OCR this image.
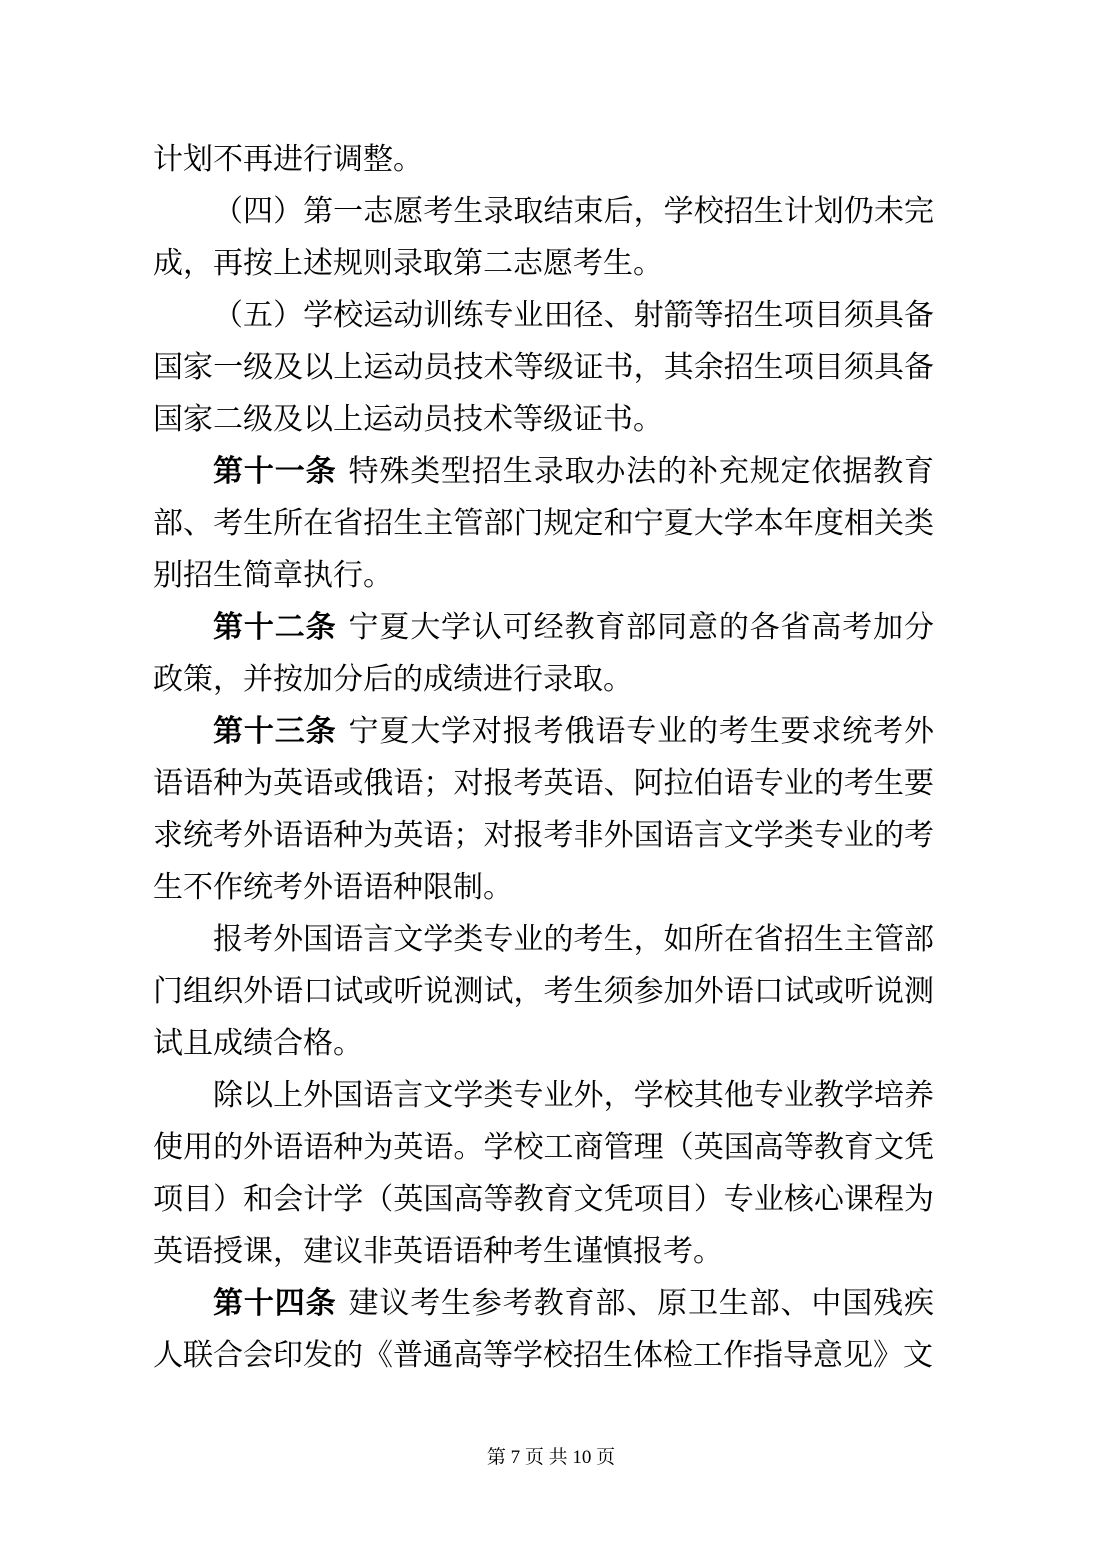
计划不再进行调整。

（四）第一志愿考生录取结束后，学校招生计划仍未完成，再按上述规则录取第二志愿考生。

（五）学校运动训练专业田径、射箭等招生项目须具备国家一级及以上运动员技术等级证书，其余招生项目须具备国家二级及以上运动员技术等级证书。

第十一条 特殊类型招生录取办法的补充规定依据教育部、考生所在省招生主管部门规定和宁夏大学本年度相关类别招生简章执行。

第十二条 宁夏大学认可经教育部同意的各省高考加分政策，并按加分后的成绩进行录取。

第十三条 宁夏大学对报考俄语专业的考生要求统考外语语种为英语或俄语；对报考英语、阿拉伯语专业的考生要求统考外语语种为英语；对报考非外国语言文学类专业的考生不作统考外语语种限制。

报考外国语言文学类专业的考生，如所在省招生主管部门组织外语口试或听说测试，考生须参加外语口试或听说测试且成绩合格。

除以上外国语言文学类专业外，学校其他专业教学培养使用的外语语种为英语。学校工商管理（英国高等教育文凭项目）和会计学（英国高等教育文凭项目）专业核心课程为英语授课，建议非英语语种考生谨慎报考。

第十四条 建议考生参考教育部、原卫生部、中国残疾人联合会印发的《普通高等学校招生体检工作指导意见》文

第 7 页 共 10 页
